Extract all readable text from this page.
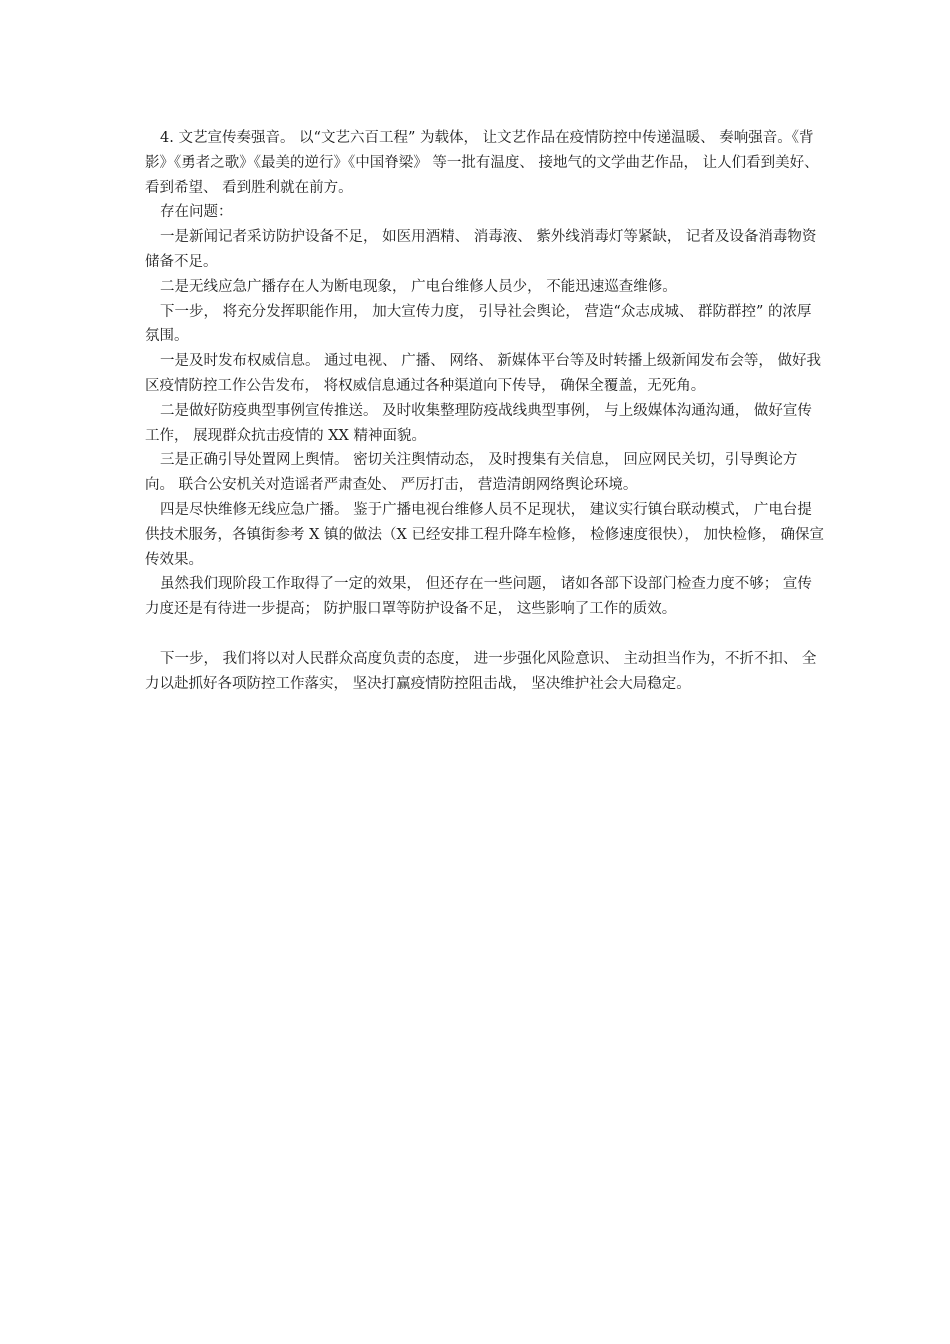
4. 文艺宣传奏强音。 以“文艺六百工程” 为载体， 让文艺作品在疫情防控中传递温暖、 奏响强音。《背影》《勇者之歌》《最美的逆行》《中国脊梁》 等一批有温度、 接地气的文学曲艺作品， 让人们看到美好、 看到希望、 看到胜利就在前方。

存在问题：

一是新闻记者采访防护设备不足， 如医用酒精、 消毒液、 紫外线消毒灯等紧缺， 记者及设备消毒物资储备不足。

二是无线应急广播存在人为断电现象， 广电台维修人员少， 不能迅速巡查维修。

下一步， 将充分发挥职能作用， 加大宣传力度， 引导社会舆论， 营造“众志成城、 群防群控” 的浓厚氛围。

一是及时发布权威信息。 通过电视、 广播、 网络、 新媒体平台等及时转播上级新闻发布会等， 做好我区疫情防控工作公告发布， 将权威信息通过各种渠道向下传导， 确保全覆盖，无死角。

二是做好防疫典型事例宣传推送。 及时收集整理防疫战线典型事例， 与上级媒体沟通沟通， 做好宣传工作， 展现群众抗击疫情的 XX 精神面貌。

三是正确引导处置网上舆情。 密切关注舆情动态， 及时搜集有关信息， 回应网民关切，引导舆论方向。 联合公安机关对造谣者严肃查处、 严厉打击， 营造清朗网络舆论环境。

四是尽快维修无线应急广播。 鉴于广播电视台维修人员不足现状， 建议实行镇台联动模式， 广电台提供技术服务，各镇街参考 X 镇的做法（X 已经安排工程升降车检修， 检修速度很快）， 加快检修， 确保宣传效果。

虽然我们现阶段工作取得了一定的效果， 但还存在一些问题， 诸如各部下设部门检查力度不够； 宣传力度还是有待进一步提高； 防护服口罩等防护设备不足， 这些影响了工作的质效。

下一步， 我们将以对人民群众高度负责的态度， 进一步强化风险意识、 主动担当作为，不折不扣、 全力以赴抓好各项防控工作落实， 坚决打赢疫情防控阻击战， 坚决维护社会大局稳定。
